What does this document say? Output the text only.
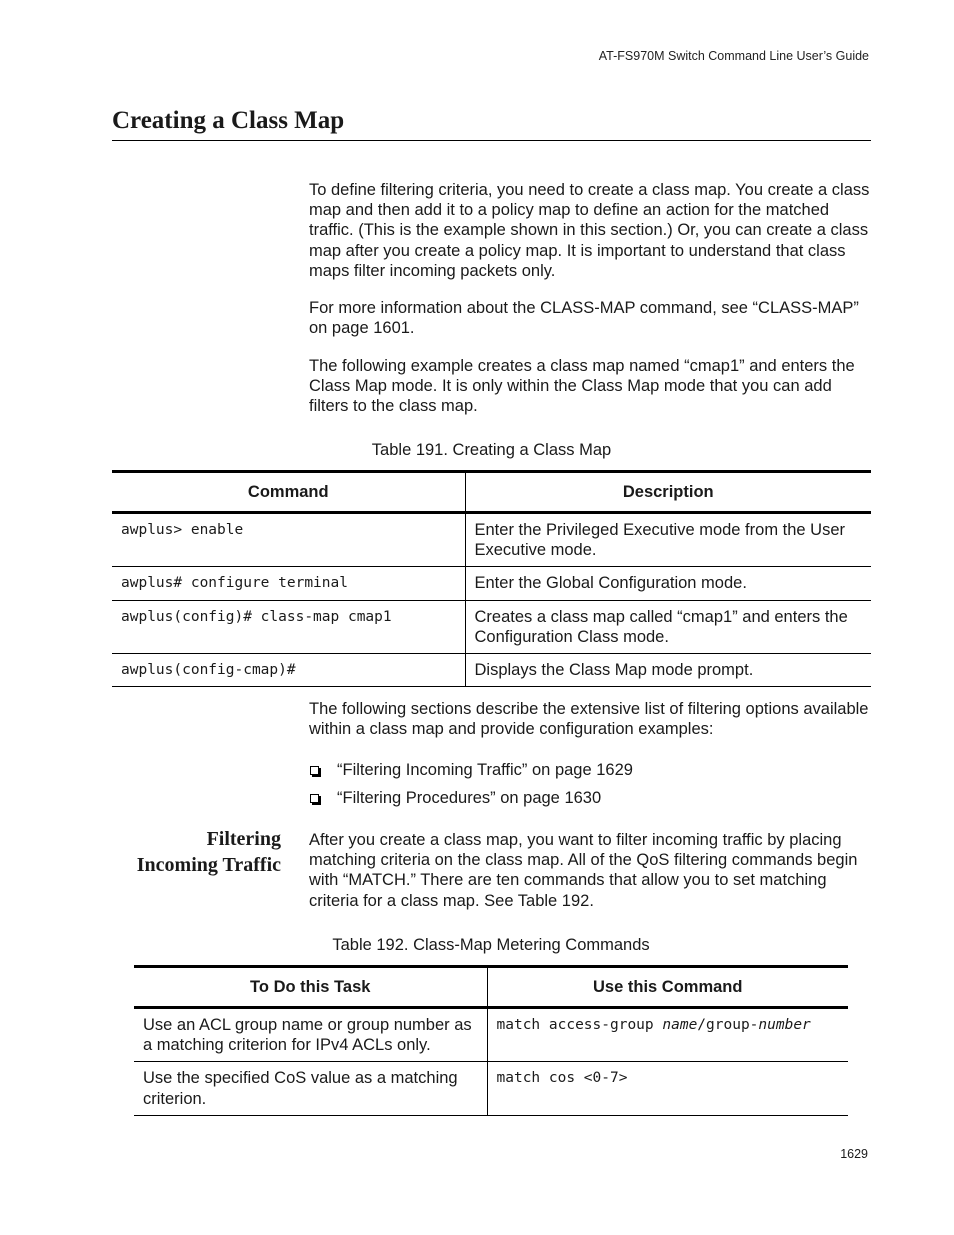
AT-FS970M Switch Command Line User’s Guide
Creating a Class Map

To define filtering criteria, you need to create a class map. You create a class map and then add it to a policy map to define an action for the matched traffic. (This is the example shown in this section.) Or, you can create a class map after you create a policy map. It is important to understand that class maps filter incoming packets only.

For more information about the CLASS-MAP command, see “CLASS-MAP” on page 1601.

The following example creates a class map named “cmap1” and enters the Class Map mode. It is only within the Class Map mode that you can add filters to the class map.

Table 191. Creating a Class Map
Command	Description
awplus> enable	Enter the Privileged Executive mode from the User Executive mode.
awplus# configure terminal	Enter the Global Configuration mode.
awplus(config)# class-map cmap1	Creates a class map called “cmap1” and enters the Configuration Class mode.
awplus(config-cmap)#	Displays the Class Map mode prompt.

The following sections describe the extensive list of filtering options available within a class map and provide configuration examples:

“Filtering Incoming Traffic” on page 1629
“Filtering Procedures” on page 1630
Filtering
Incoming Traffic

After you create a class map, you want to filter incoming traffic by placing matching criteria on the class map. All of the QoS filtering commands begin with “MATCH.” There are ten commands that allow you to set matching criteria for a class map. See Table 192.

Table 192. Class-Map Metering Commands
To Do this Task	Use this Command
Use an ACL group name or group number as a matching criterion for IPv4 ACLs only.	match access-group name/group-number
Use the specified CoS value as a matching criterion.	match cos <0-7>
1629
